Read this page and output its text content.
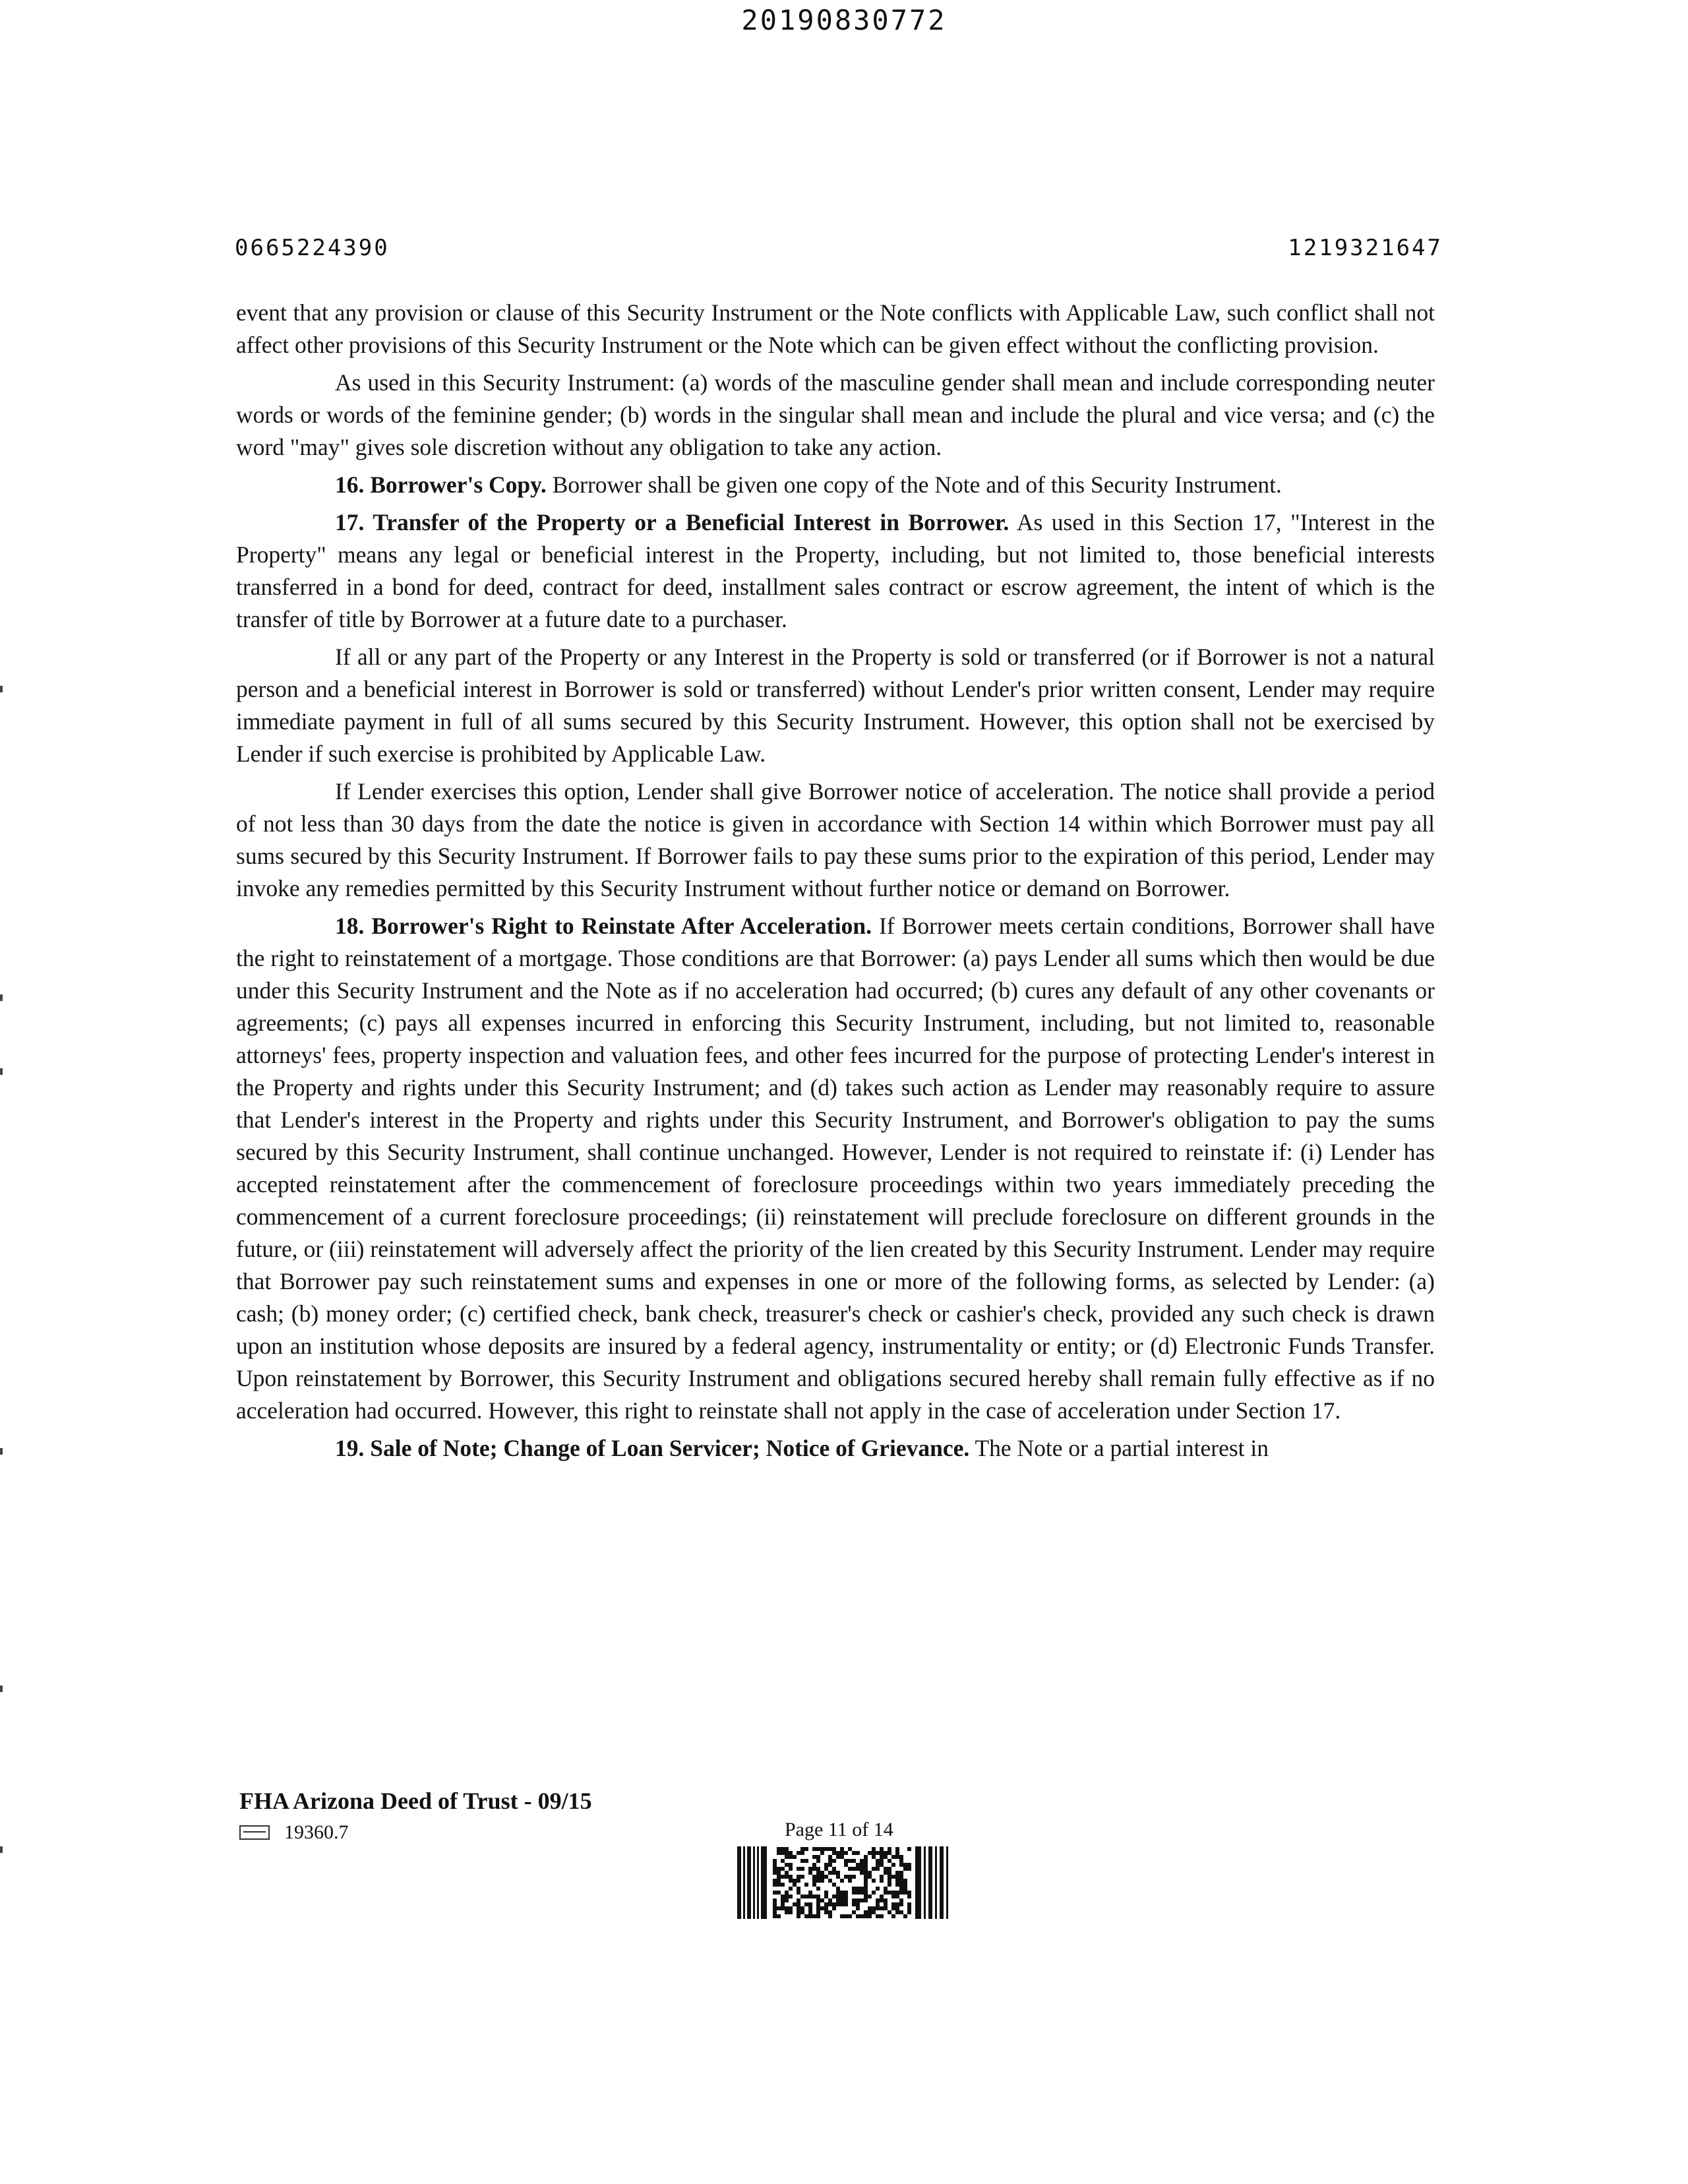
20190830772
0665224390	1219321647

event that any provision or clause of this Security Instrument or the Note conflicts with Applicable Law, such conflict shall not affect other provisions of this Security Instrument or the Note which can be given effect without the conflicting provision.

As used in this Security Instrument: (a) words of the masculine gender shall mean and include corresponding neuter words or words of the feminine gender; (b) words in the singular shall mean and include the plural and vice versa; and (c) the word "may" gives sole discretion without any obligation to take any action.

16. Borrower's Copy. Borrower shall be given one copy of the Note and of this Security Instrument.

17. Transfer of the Property or a Beneficial Interest in Borrower. As used in this Section 17, "Interest in the Property" means any legal or beneficial interest in the Property, including, but not limited to, those beneficial interests transferred in a bond for deed, contract for deed, installment sales contract or escrow agreement, the intent of which is the transfer of title by Borrower at a future date to a purchaser.

If all or any part of the Property or any Interest in the Property is sold or transferred (or if Borrower is not a natural person and a beneficial interest in Borrower is sold or transferred) without Lender's prior written consent, Lender may require immediate payment in full of all sums secured by this Security Instrument. However, this option shall not be exercised by Lender if such exercise is prohibited by Applicable Law.

If Lender exercises this option, Lender shall give Borrower notice of acceleration. The notice shall provide a period of not less than 30 days from the date the notice is given in accordance with Section 14 within which Borrower must pay all sums secured by this Security Instrument. If Borrower fails to pay these sums prior to the expiration of this period, Lender may invoke any remedies permitted by this Security Instrument without further notice or demand on Borrower.

18. Borrower's Right to Reinstate After Acceleration. If Borrower meets certain conditions, Borrower shall have the right to reinstatement of a mortgage. Those conditions are that Borrower: (a) pays Lender all sums which then would be due under this Security Instrument and the Note as if no acceleration had occurred; (b) cures any default of any other covenants or agreements; (c) pays all expenses incurred in enforcing this Security Instrument, including, but not limited to, reasonable attorneys' fees, property inspection and valuation fees, and other fees incurred for the purpose of protecting Lender's interest in the Property and rights under this Security Instrument; and (d) takes such action as Lender may reasonably require to assure that Lender's interest in the Property and rights under this Security Instrument, and Borrower's obligation to pay the sums secured by this Security Instrument, shall continue unchanged. However, Lender is not required to reinstate if: (i) Lender has accepted reinstatement after the commencement of foreclosure proceedings within two years immediately preceding the commencement of a current foreclosure proceedings; (ii) reinstatement will preclude foreclosure on different grounds in the future, or (iii) reinstatement will adversely affect the priority of the lien created by this Security Instrument. Lender may require that Borrower pay such reinstatement sums and expenses in one or more of the following forms, as selected by Lender: (a) cash; (b) money order; (c) certified check, bank check, treasurer's check or cashier's check, provided any such check is drawn upon an institution whose deposits are insured by a federal agency, instrumentality or entity; or (d) Electronic Funds Transfer. Upon reinstatement by Borrower, this Security Instrument and obligations secured hereby shall remain fully effective as if no acceleration had occurred. However, this right to reinstate shall not apply in the case of acceleration under Section 17.

19. Sale of Note; Change of Loan Servicer; Notice of Grievance. The Note or a partial interest in

FHA Arizona Deed of Trust - 09/15
19360.7	Page 11 of 14
